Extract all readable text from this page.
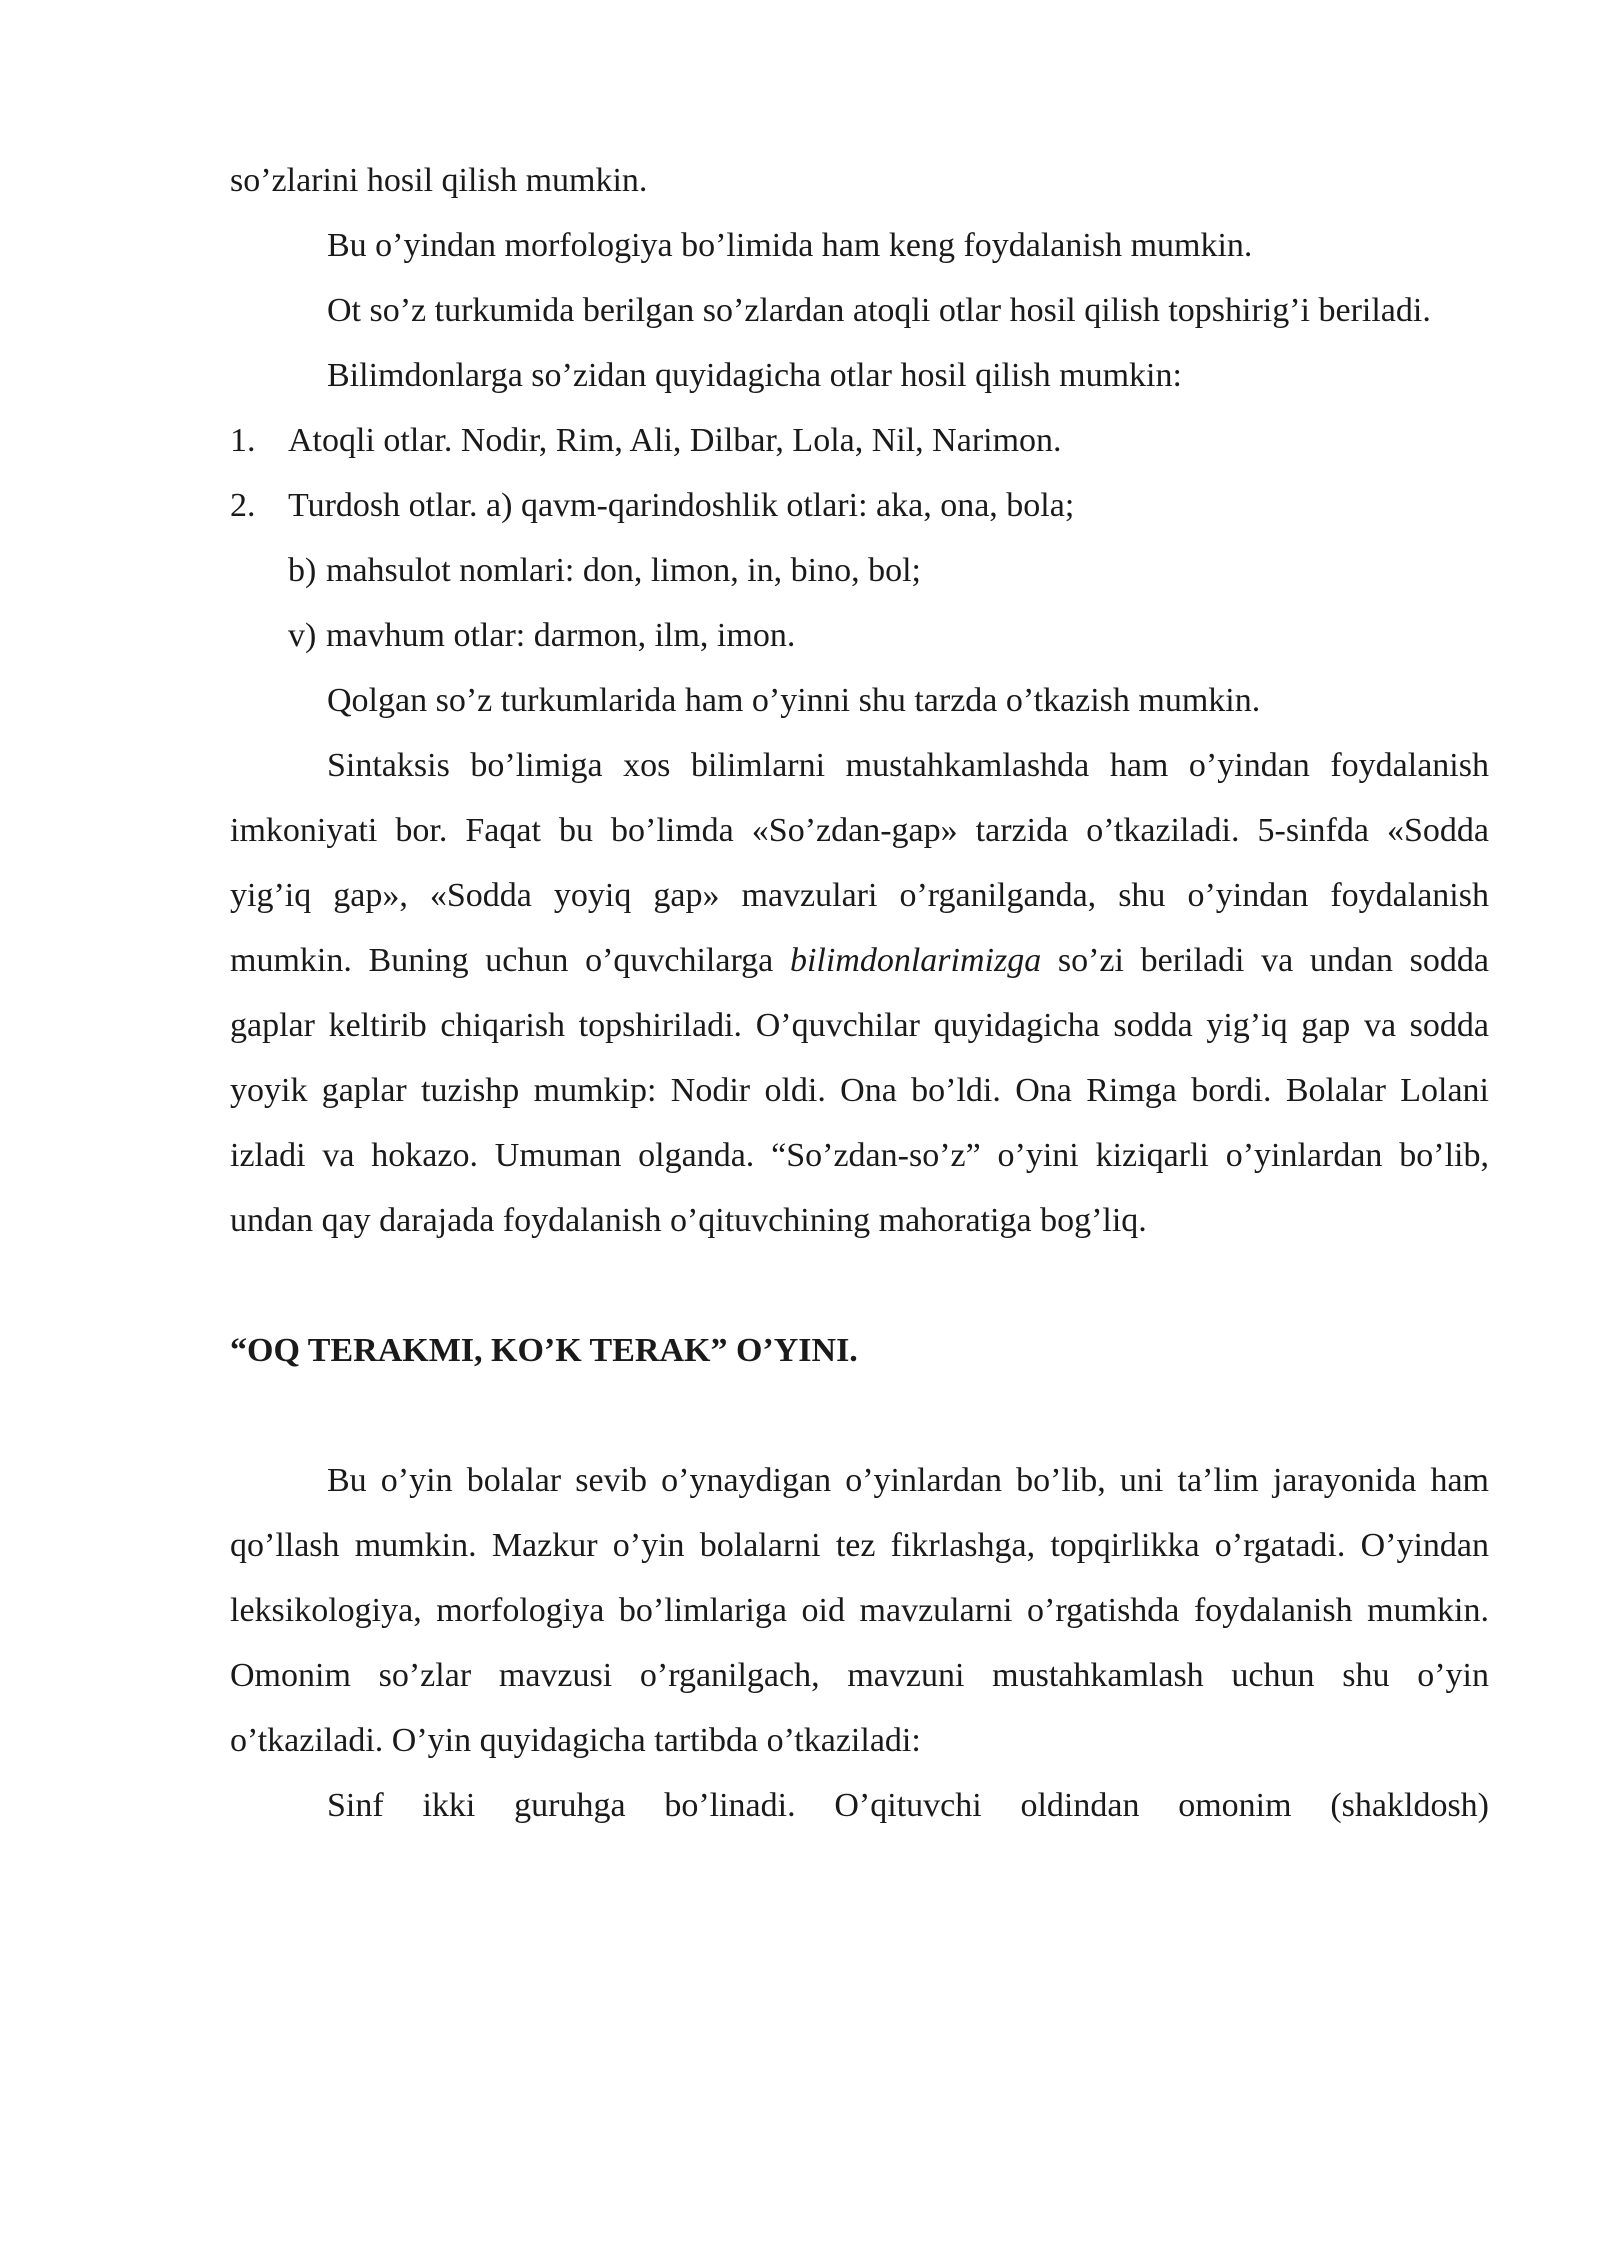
so’zlarini hosil qilish mumkin.

Bu o’yindan morfologiya bo’limida ham keng foydalanish mumkin.

Ot so’z turkumida berilgan so’zlardan atoqli otlar hosil qilish topshirig’i beriladi.

Bilimdonlarga so’zidan quyidagicha otlar hosil qilish mumkin:

1. Atoqli otlar. Nodir, Rim, Ali, Dilbar, Lola, Nil, Narimon.

2. Turdosh otlar. a) qavm-qarindoshlik otlari: aka, ona, bola;

b) mahsulot nomlari: don, limon, in, bino, bol;

v) mavhum otlar: darmon, ilm, imon.

Qolgan so’z turkumlarida ham o’yinni shu tarzda o’tkazish mumkin.

Sintaksis bo’limiga xos bilimlarni mustahkamlashda ham o’yindan foydalanish imkoniyati bor. Faqat bu bo’limda «So’zdan-gap» tarzida o’tkaziladi. 5-sinfda «Sodda yig’iq gap», «Sodda yoyiq gap» mavzulari o’rganilganda, shu o’yindan foydalanish mumkin. Buning uchun o’quvchilarga bilimdonlarimizga so’zi beriladi va undan sodda gaplar keltirib chiqarish topshiriladi. O’quvchilar quyidagicha sodda yig’iq gap va sodda yoyik gaplar tuzishp mumkip: Nodir oldi. Ona bo’ldi. Ona Rimga bordi. Bolalar Lolani izladi va hokazo. Umuman olganda. “So’zdan-so’z” o’yini kiziqarli o’yinlardan bo’lib, undan qay darajada foydalanish o’qituvchining mahoratiga bog’liq.

“OQ TERAKMI, KO’K TERAK” O’YINI.

Bu o’yin bolalar sevib o’ynaydigan o’yinlardan bo’lib, uni ta’lim jarayonida ham qo’llash mumkin. Mazkur o’yin bolalarni tez fikrlashga, topqirlikka o’rgatadi. O’yindan leksikologiya, morfologiya bo’limlariga oid mavzularni o’rgatishda foydalanish mumkin. Omonim so’zlar mavzusi o’rganilgach, mavzuni mustahkamlash uchun shu o’yin o’tkaziladi. O’yin quyidagicha tartibda o’tkaziladi:

Sinf ikki guruhga bo’linadi. O’qituvchi oldindan omonim (shakldosh)
